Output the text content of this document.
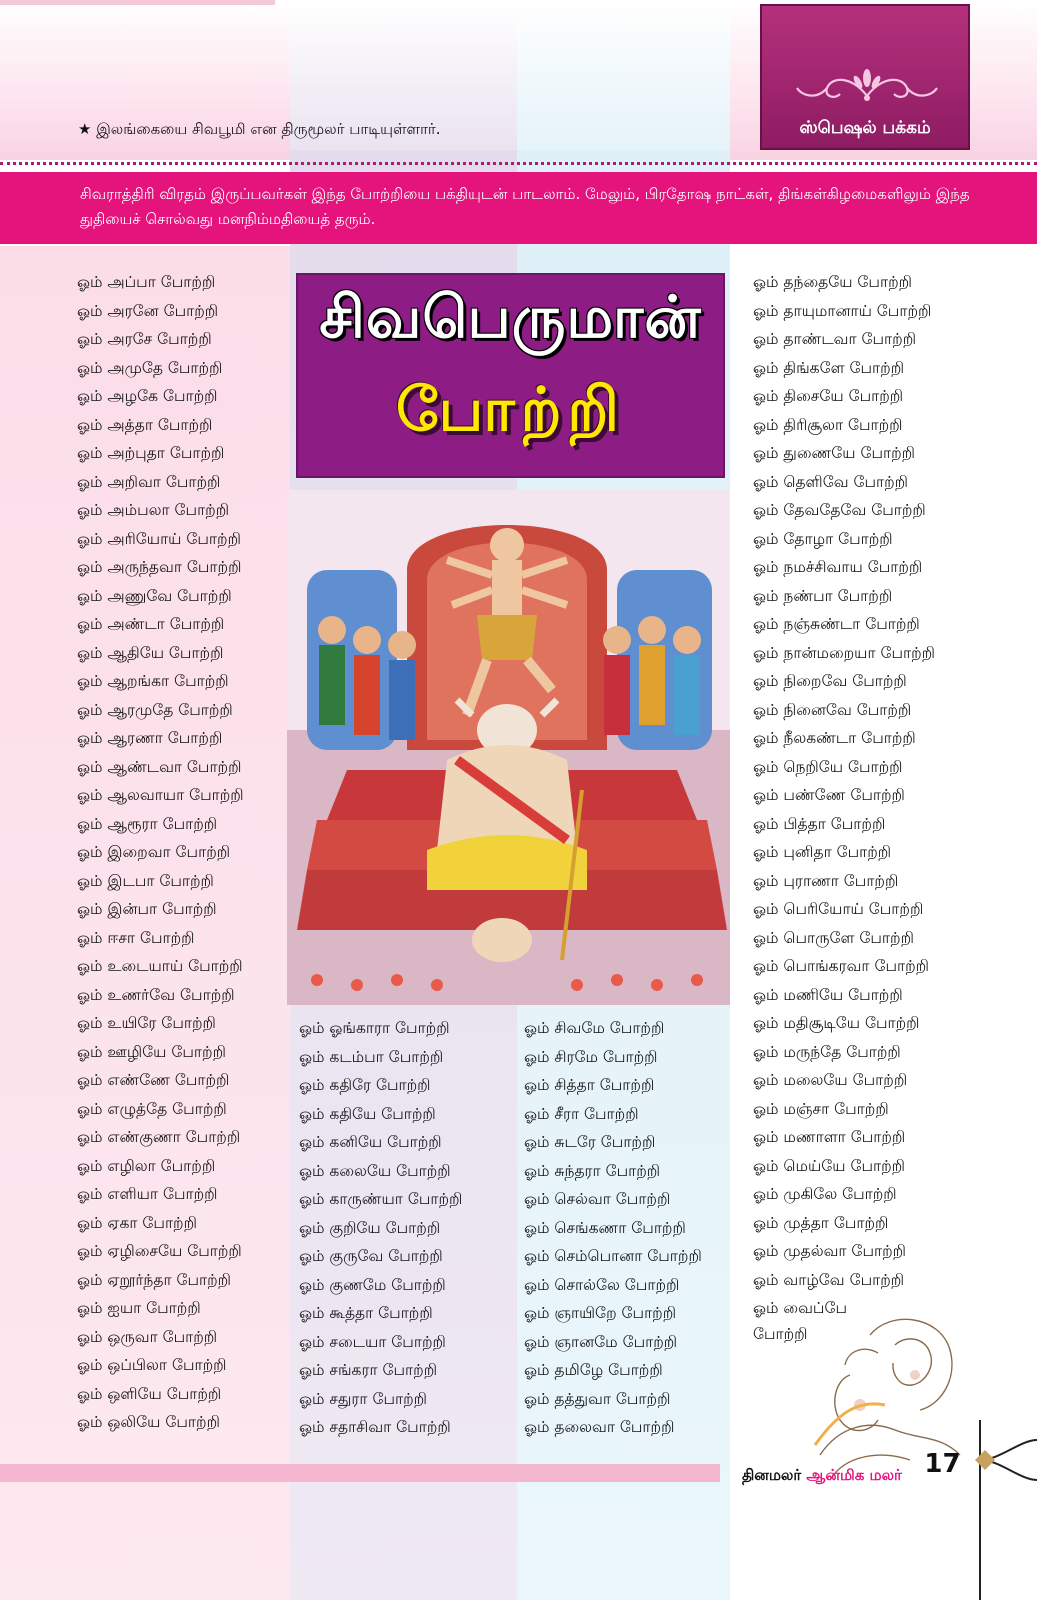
★ இலங்கையை சிவபூமி என திருமூலர் பாடியுள்ளார்.	ஸ்பெஷல் பக்கம்

சிவராத்திரி விரதம் இருப்பவர்கள் இந்த போற்றியை பக்தியுடன் பாடலாம். மேலும், பிரதோஷ நாட்கள், திங்கள்கிழமைகளிலும் இந்த துதியைச் சொல்வது மனநிம்மதியைத் தரும்.

ஓம் அப்பா போற்றி
ஓம் அரனே போற்றி
ஓம் அரசே போற்றி
ஓம் அமுதே போற்றி
ஓம் அழகே போற்றி
ஓம் அத்தா போற்றி
ஓம் அற்புதா போற்றி
ஓம் அறிவா போற்றி
ஓம் அம்பலா போற்றி
ஓம் அரியோய் போற்றி
ஓம் அருந்தவா போற்றி
ஓம் அணுவே போற்றி
ஓம் அண்டா போற்றி
ஓம் ஆதியே போற்றி
ஓம் ஆறங்கா போற்றி
ஓம் ஆரமுதே போற்றி
ஓம் ஆரணா போற்றி
ஓம் ஆண்டவா போற்றி
ஓம் ஆலவாயா போற்றி
ஓம் ஆரூரா போற்றி
ஓம் இறைவா போற்றி
ஓம் இடபா போற்றி
ஓம் இன்பா போற்றி
ஓம் ஈசா போற்றி
ஓம் உடையாய் போற்றி
ஓம் உணர்வே போற்றி
ஓம் உயிரே போற்றி
ஓம் ஊழியே போற்றி
ஓம் எண்ணே போற்றி
ஓம் எழுத்தே போற்றி
ஓம் எண்குணா போற்றி
ஓம் எழிலா போற்றி
ஓம் எளியா போற்றி
ஓம் ஏகா போற்றி
ஓம் ஏழிசையே போற்றி
ஓம் ஏறூர்ந்தா போற்றி
ஓம் ஐயா போற்றி
ஓம் ஒருவா போற்றி
ஓம் ஒப்பிலா போற்றி
ஓம் ஒளியே போற்றி
ஓம் ஒலியே போற்றி
ஓம் ஓங்காரா போற்றி
ஓம் கடம்பா போற்றி
ஓம் கதிரே போற்றி
ஓம் கதியே போற்றி
ஓம் கனியே போற்றி
ஓம் கலையே போற்றி
ஓம் காருண்யா போற்றி
ஓம் குறியே போற்றி
ஓம் குருவே போற்றி
ஓம் குணமே போற்றி
ஓம் கூத்தா போற்றி
ஓம் சடையா போற்றி
ஓம் சங்கரா போற்றி
ஓம் சதுரா போற்றி
ஓம் சதாசிவா போற்றி
ஓம் சிவமே போற்றி
ஓம் சிரமே போற்றி
ஓம் சித்தா போற்றி
ஓம் சீரா போற்றி
ஓம் சுடரே போற்றி
ஓம் சுந்தரா போற்றி
ஓம் செல்வா போற்றி
ஓம் செங்கணா போற்றி
ஓம் செம்பொனா போற்றி
ஓம் சொல்லே போற்றி
ஓம் ஞாயிறே போற்றி
ஓம் ஞானமே போற்றி
ஓம் தமிழே போற்றி
ஓம் தத்துவா போற்றி
ஓம் தலைவா போற்றி
ஓம் தந்தையே போற்றி
ஓம் தாயுமானாய் போற்றி
ஓம் தாண்டவா போற்றி
ஓம் திங்களே போற்றி
ஓம் திசையே போற்றி
ஓம் திரிசூலா போற்றி
ஓம் துணையே போற்றி
ஓம் தெளிவே போற்றி
ஓம் தேவதேவே போற்றி
ஓம் தோழா போற்றி
ஓம் நமச்சிவாய போற்றி
ஓம் நண்பா போற்றி
ஓம் நஞ்சுண்டா போற்றி
ஓம் நான்மறையா போற்றி
ஓம் நிறைவே போற்றி
ஓம் நினைவே போற்றி
ஓம் நீலகண்டா போற்றி
ஓம் நெறியே போற்றி
ஓம் பண்ணே போற்றி
ஓம் பித்தா போற்றி
ஓம் புனிதா போற்றி
ஓம் புராணா போற்றி
ஓம் பெரியோய் போற்றி
ஓம் பொருளே போற்றி
ஓம் பொங்கரவா போற்றி
ஓம் மணியே போற்றி
ஓம் மதிசூடியே போற்றி
ஓம் மருந்தே போற்றி
ஓம் மலையே போற்றி
ஓம் மஞ்சா போற்றி
ஓம் மணாளா போற்றி
ஓம் மெய்யே போற்றி
ஓம் முகிலே போற்றி
ஓம் முத்தா போற்றி
ஓம் முதல்வா போற்றி
ஓம் வாழ்வே போற்றி
ஓம் வைப்பே
போற்றி
சிவபெருமான்
போற்றி
தினமலர் ஆன்மிக மலர் 17
